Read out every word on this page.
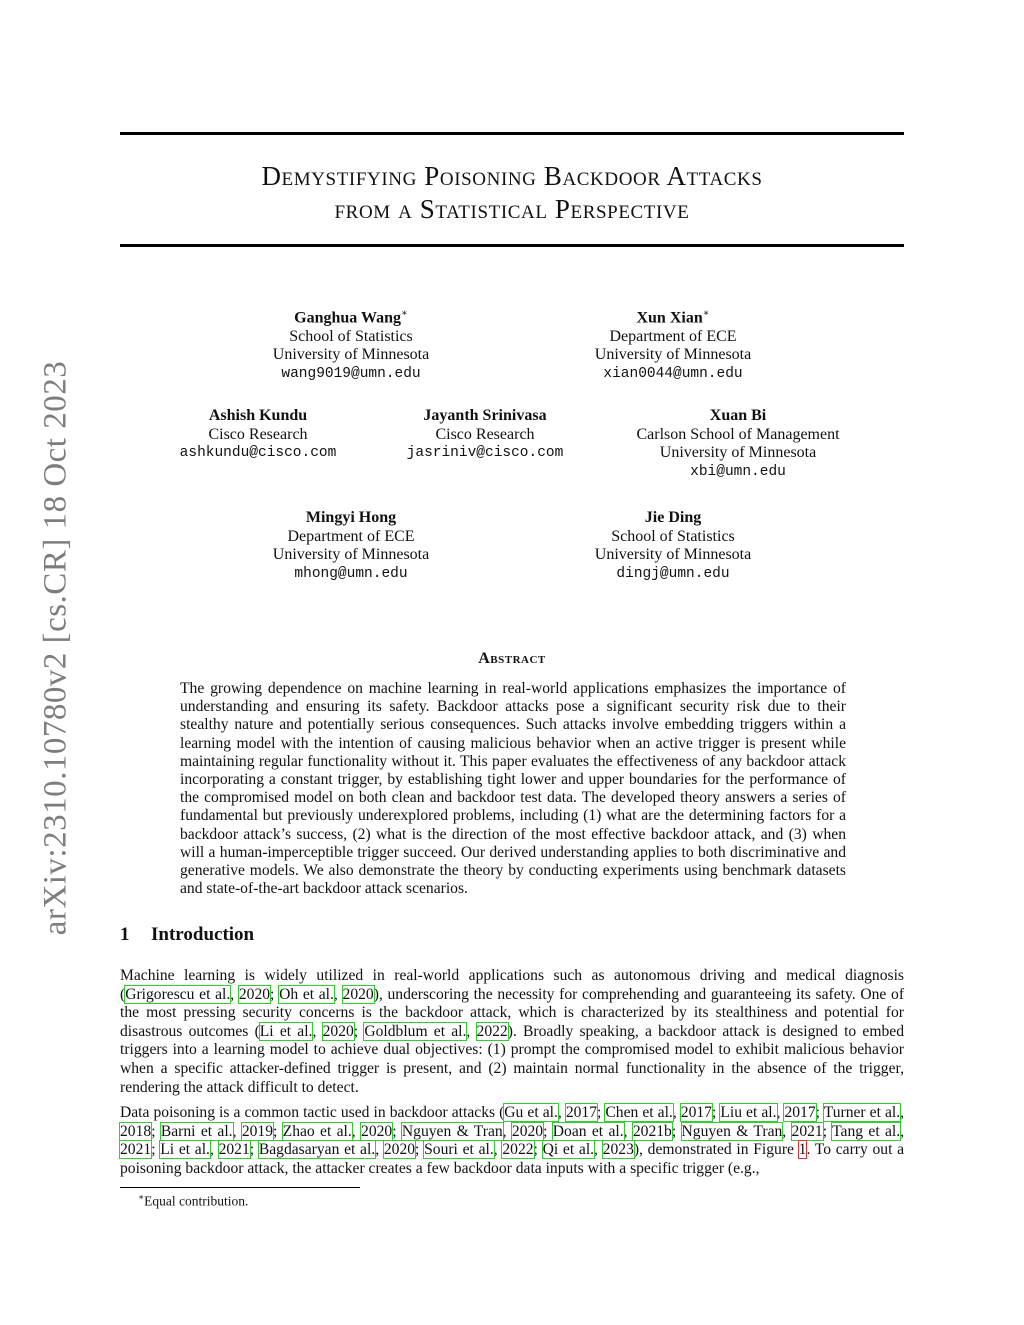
arXiv:2310.10780v2 [cs.CR] 18 Oct 2023
Demystifying Poisoning Backdoor Attacks
from a Statistical Perspective
Ganghua Wang∗
School of Statistics
University of Minnesota
wang9019@umn.edu
Xun Xian∗
Department of ECE
University of Minnesota
xian0044@umn.edu
Ashish Kundu
Cisco Research
ashkundu@cisco.com
Jayanth Srinivasa
Cisco Research
jasriniv@cisco.com
Xuan Bi
Carlson School of Management
University of Minnesota
xbi@umn.edu
Mingyi Hong
Department of ECE
University of Minnesota
mhong@umn.edu
Jie Ding
School of Statistics
University of Minnesota
dingj@umn.edu
Abstract

The growing dependence on machine learning in real-world applications emphasizes the importance of understanding and ensuring its safety. Backdoor attacks pose a significant security risk due to their stealthy nature and potentially serious consequences. Such attacks involve embedding triggers within a learning model with the intention of causing malicious behavior when an active trigger is present while maintaining regular functionality without it. This paper evaluates the effectiveness of any backdoor attack incorporating a constant trigger, by establishing tight lower and upper boundaries for the performance of the compromised model on both clean and backdoor test data. The developed theory answers a series of fundamental but previously underexplored problems, including (1) what are the determining factors for a backdoor attack’s success, (2) what is the direction of the most effective backdoor attack, and (3) when will a human-imperceptible trigger succeed. Our derived understanding applies to both discriminative and generative models. We also demonstrate the theory by conducting experiments using benchmark datasets and state-of-the-art backdoor attack scenarios.

1 Introduction

Machine learning is widely utilized in real-world applications such as autonomous driving and medical diagnosis (Grigorescu et al., 2020; Oh et al., 2020), underscoring the necessity for comprehending and guaranteeing its safety. One of the most pressing security concerns is the backdoor attack, which is characterized by its stealthiness and potential for disastrous outcomes (Li et al., 2020; Goldblum et al., 2022). Broadly speaking, a backdoor attack is designed to embed triggers into a learning model to achieve dual objectives: (1) prompt the compromised model to exhibit malicious behavior when a specific attacker-defined trigger is present, and (2) maintain normal functionality in the absence of the trigger, rendering the attack difficult to detect.

Data poisoning is a common tactic used in backdoor attacks (Gu et al., 2017; Chen et al., 2017; Liu et al., 2017; Turner et al., 2018; Barni et al., 2019; Zhao et al., 2020; Nguyen & Tran, 2020; Doan et al., 2021b; Nguyen & Tran, 2021; Tang et al., 2021; Li et al., 2021; Bagdasaryan et al., 2020; Souri et al., 2022; Qi et al., 2023), demonstrated in Figure 1. To carry out a poisoning backdoor attack, the attacker creates a few backdoor data inputs with a specific trigger (e.g.,

∗Equal contribution.
